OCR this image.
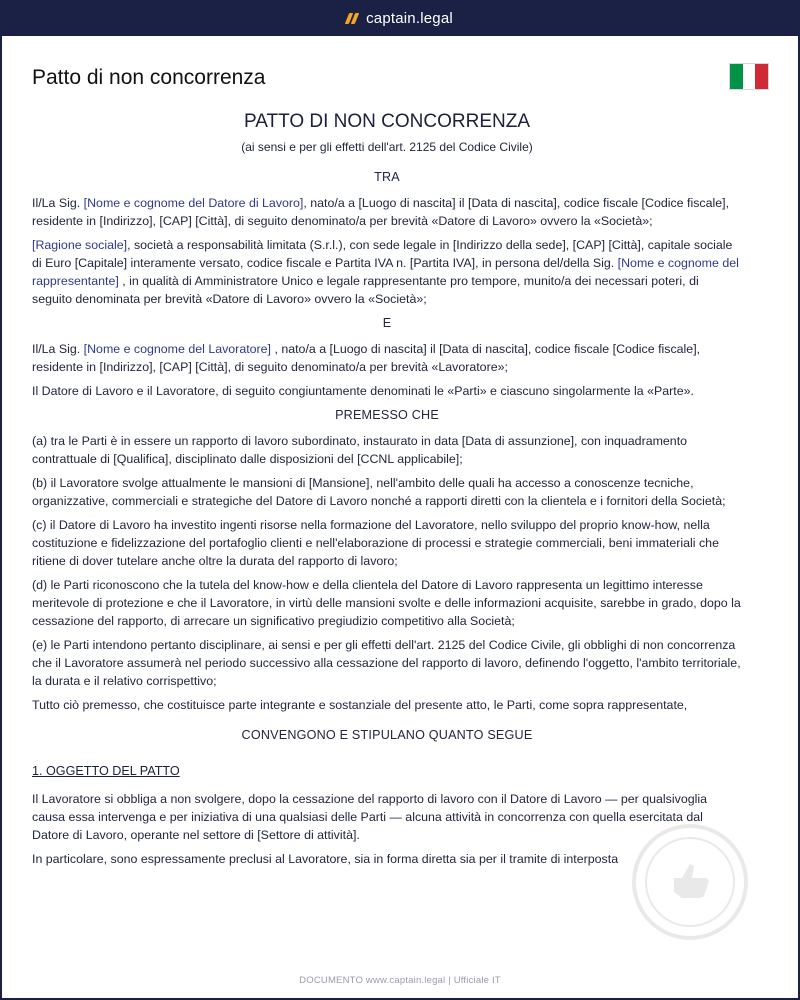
captain.legal
Patto di non concorrenza
PATTO DI NON CONCORRENZA
(ai sensi e per gli effetti dell'art. 2125 del Codice Civile)
TRA

Il/La Sig. [Nome e cognome del Datore di Lavoro], nato/a a [Luogo di nascita] il [Data di nascita], codice fiscale [Codice fiscale], residente in [Indirizzo], [CAP] [Città], di seguito denominato/a per brevità «Datore di Lavoro» ovvero la «Società»;

[Ragione sociale], società a responsabilità limitata (S.r.l.), con sede legale in [Indirizzo della sede], [CAP] [Città], capitale sociale di Euro [Capitale] interamente versato, codice fiscale e Partita IVA n. [Partita IVA], in persona del/della Sig. [Nome e cognome del rappresentante] , in qualità di Amministratore Unico e legale rappresentante pro tempore, munito/a dei necessari poteri, di seguito denominata per brevità «Datore di Lavoro» ovvero la «Società»;

E

Il/La Sig. [Nome e cognome del Lavoratore] , nato/a a [Luogo di nascita] il [Data di nascita], codice fiscale [Codice fiscale], residente in [Indirizzo], [CAP] [Città], di seguito denominato/a per brevità «Lavoratore»;

Il Datore di Lavoro e il Lavoratore, di seguito congiuntamente denominati le «Parti» e ciascuno singolarmente la «Parte».

PREMESSO CHE

(a) tra le Parti è in essere un rapporto di lavoro subordinato, instaurato in data [Data di assunzione], con inquadramento contrattuale di [Qualifica], disciplinato dalle disposizioni del [CCNL applicabile];

(b) il Lavoratore svolge attualmente le mansioni di [Mansione], nell'ambito delle quali ha accesso a conoscenze tecniche, organizzative, commerciali e strategiche del Datore di Lavoro nonché a rapporti diretti con la clientela e i fornitori della Società;

(c) il Datore di Lavoro ha investito ingenti risorse nella formazione del Lavoratore, nello sviluppo del proprio know-how, nella costituzione e fidelizzazione del portafoglio clienti e nell'elaborazione di processi e strategie commerciali, beni immateriali che ritiene di dover tutelare anche oltre la durata del rapporto di lavoro;

(d) le Parti riconoscono che la tutela del know-how e della clientela del Datore di Lavoro rappresenta un legittimo interesse meritevole di protezione e che il Lavoratore, in virtù delle mansioni svolte e delle informazioni acquisite, sarebbe in grado, dopo la cessazione del rapporto, di arrecare un significativo pregiudizio competitivo alla Società;

(e) le Parti intendono pertanto disciplinare, ai sensi e per gli effetti dell'art. 2125 del Codice Civile, gli obblighi di non concorrenza che il Lavoratore assumerà nel periodo successivo alla cessazione del rapporto di lavoro, definendo l'oggetto, l'ambito territoriale, la durata e il relativo corrispettivo;

Tutto ciò premesso, che costituisce parte integrante e sostanziale del presente atto, le Parti, come sopra rappresentate,

CONVENGONO E STIPULANO QUANTO SEGUE
1. OGGETTO DEL PATTO

Il Lavoratore si obbliga a non svolgere, dopo la cessazione del rapporto di lavoro con il Datore di Lavoro — per qualsivoglia causa essa intervenga e per iniziativa di una qualsiasi delle Parti — alcuna attività in concorrenza con quella esercitata dal Datore di Lavoro, operante nel settore di [Settore di attività].

In particolare, sono espressamente preclusi al Lavoratore, sia in forma diretta sia per il tramite di interposta

DOCUMENTO www.captain.legal | Ufficiale IT
